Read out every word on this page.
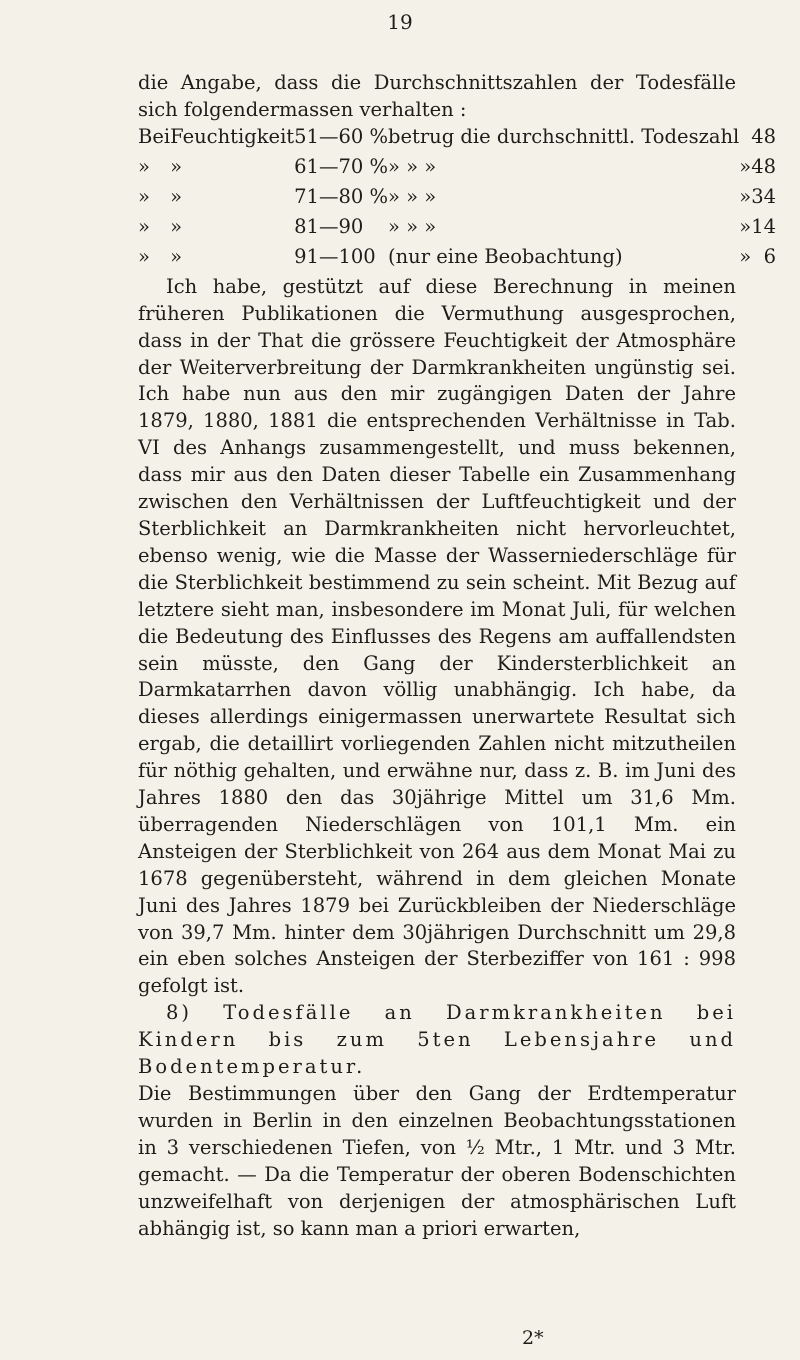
19

die Angabe, dass die Durchschnittszahlen der Todesfälle sich folgendermassen verhalten :

Bei	Feuchtigkeit	51—60 %	betrug die durchschnittl. Todeszahl		48
»	»	61—70 %	» » »	»	48
»	»	71—80 %	» » »	»	34
»	»	81—90	» » »	»	14
»	»	91—100	(nur eine Beobachtung)	»	6

Ich habe, gestützt auf diese Berechnung in meinen früheren Publikationen die Vermuthung ausgesprochen, dass in der That die grössere Feuchtigkeit der Atmosphäre der Weiterverbreitung der Darmkrankheiten ungünstig sei. Ich habe nun aus den mir zugängigen Daten der Jahre 1879, 1880, 1881 die entsprechenden Verhältnisse in Tab. VI des Anhangs zusammengestellt, und muss bekennen, dass mir aus den Daten dieser Tabelle ein Zusammenhang zwischen den Verhältnissen der Luftfeuchtigkeit und der Sterblichkeit an Darmkrankheiten nicht hervorleuchtet, ebenso wenig, wie die Masse der Wasserniederschläge für die Sterblichkeit bestimmend zu sein scheint. Mit Bezug auf letztere sieht man, insbesondere im Monat Juli, für welchen die Bedeutung des Einflusses des Regens am auffallendsten sein müsste, den Gang der Kindersterblichkeit an Darmkatarrhen davon völlig unabhängig. Ich habe, da dieses allerdings einigermassen unerwartete Resultat sich ergab, die detaillirt vorliegenden Zahlen nicht mitzutheilen für nöthig gehalten, und erwähne nur, dass z. B. im Juni des Jahres 1880 den das 30jährige Mittel um 31,6 Mm. überragenden Niederschlägen von 101,1 Mm. ein Ansteigen der Sterblichkeit von 264 aus dem Monat Mai zu 1678 gegenübersteht, während in dem gleichen Monate Juni des Jahres 1879 bei Zurückbleiben der Niederschläge von 39,7 Mm. hinter dem 30jährigen Durchschnitt um 29,8 ein eben solches Ansteigen der Sterbeziffer von 161 : 998 gefolgt ist.

8) Todesfälle an Darmkrankheiten bei Kindern bis zum 5ten Lebensjahre und Bodentemperatur.

Die Bestimmungen über den Gang der Erdtemperatur wurden in Berlin in den einzelnen Beobachtungsstationen in 3 verschiedenen Tiefen, von ½ Mtr., 1 Mtr. und 3 Mtr. gemacht. — Da die Temperatur der oberen Bodenschichten unzweifelhaft von derjenigen der atmosphärischen Luft abhängig ist, so kann man a priori erwarten,

2*
